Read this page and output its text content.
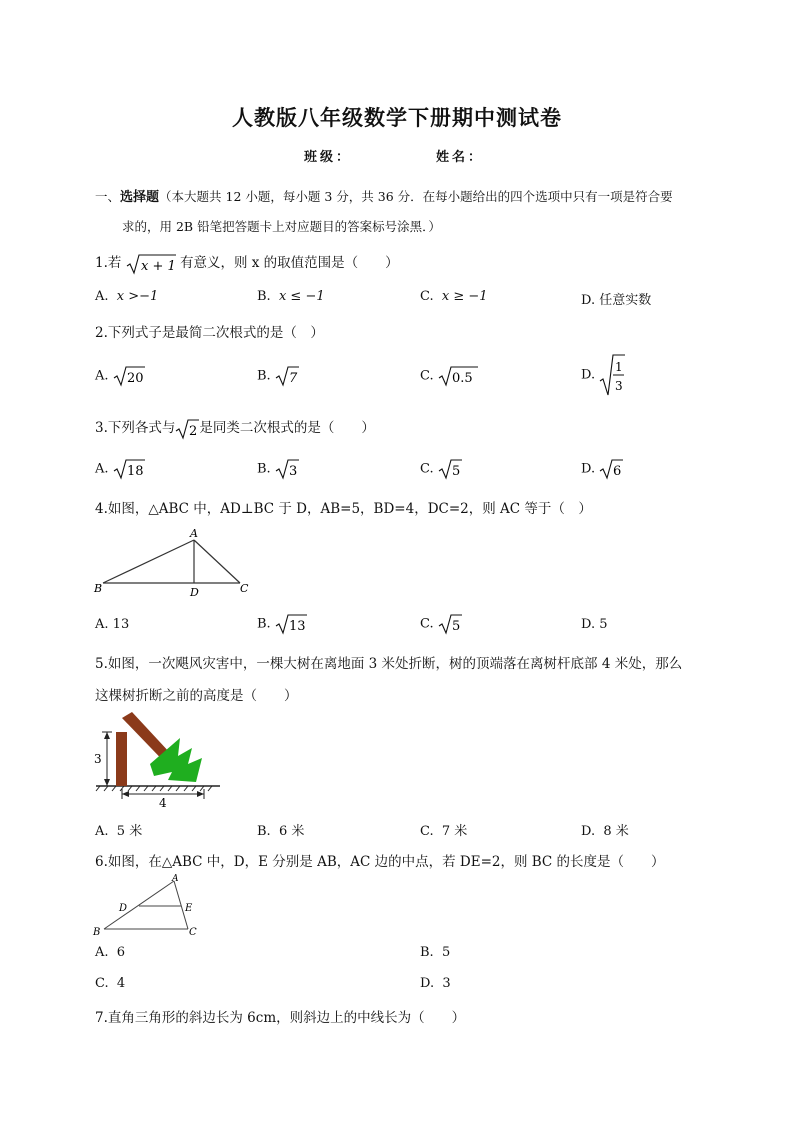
人教版八年级数学下册期中测试卷
班级：	姓名：
一、选择题（本大题共 12 小题，每小题 3 分，共 36 分．在每小题给出的四个选项中只有一项是符合要
求的，用 2B 铅笔把答题卡上对应题目的答案标号涂黑．）
1.若 x + 1 有意义，则 x 的取值范围是（　　）
A. x >−1	B. x ≤ −1	C. x ≥ −1	D. 任意实数
2.下列式子是最简二次根式的是（　）
A. 20	B. 7	C. 0.5	D.
1
3
3.下列各式与 2 是同类二次根式的是（　　）
A. 18	B. 3	C. 5	D. 6
4.如图，△ABC 中，AD⊥BC 于 D，AB=5，BD=4，DC=2，则 AC 等于（　）
A
B	C
D
A. 13	B. 13	C. 5	D. 5
5.如图，一次飓风灾害中，一棵大树在离地面 3 米处折断，树的顶端落在离树杆底部 4 米处，那么
这棵树折断之前的高度是（　　）
3
4
A. 5 米	B. 6 米	C. 7 米	D. 8 米
6.如图，在△ABC 中，D，E 分别是 AB，AC 边的中点，若 DE=2，则 BC 的长度是（　　）
A
B	C
D	E
A. 6	B. 5
C. 4	D. 3
7.直角三角形的斜边长为 6cm，则斜边上的中线长为（　　）
